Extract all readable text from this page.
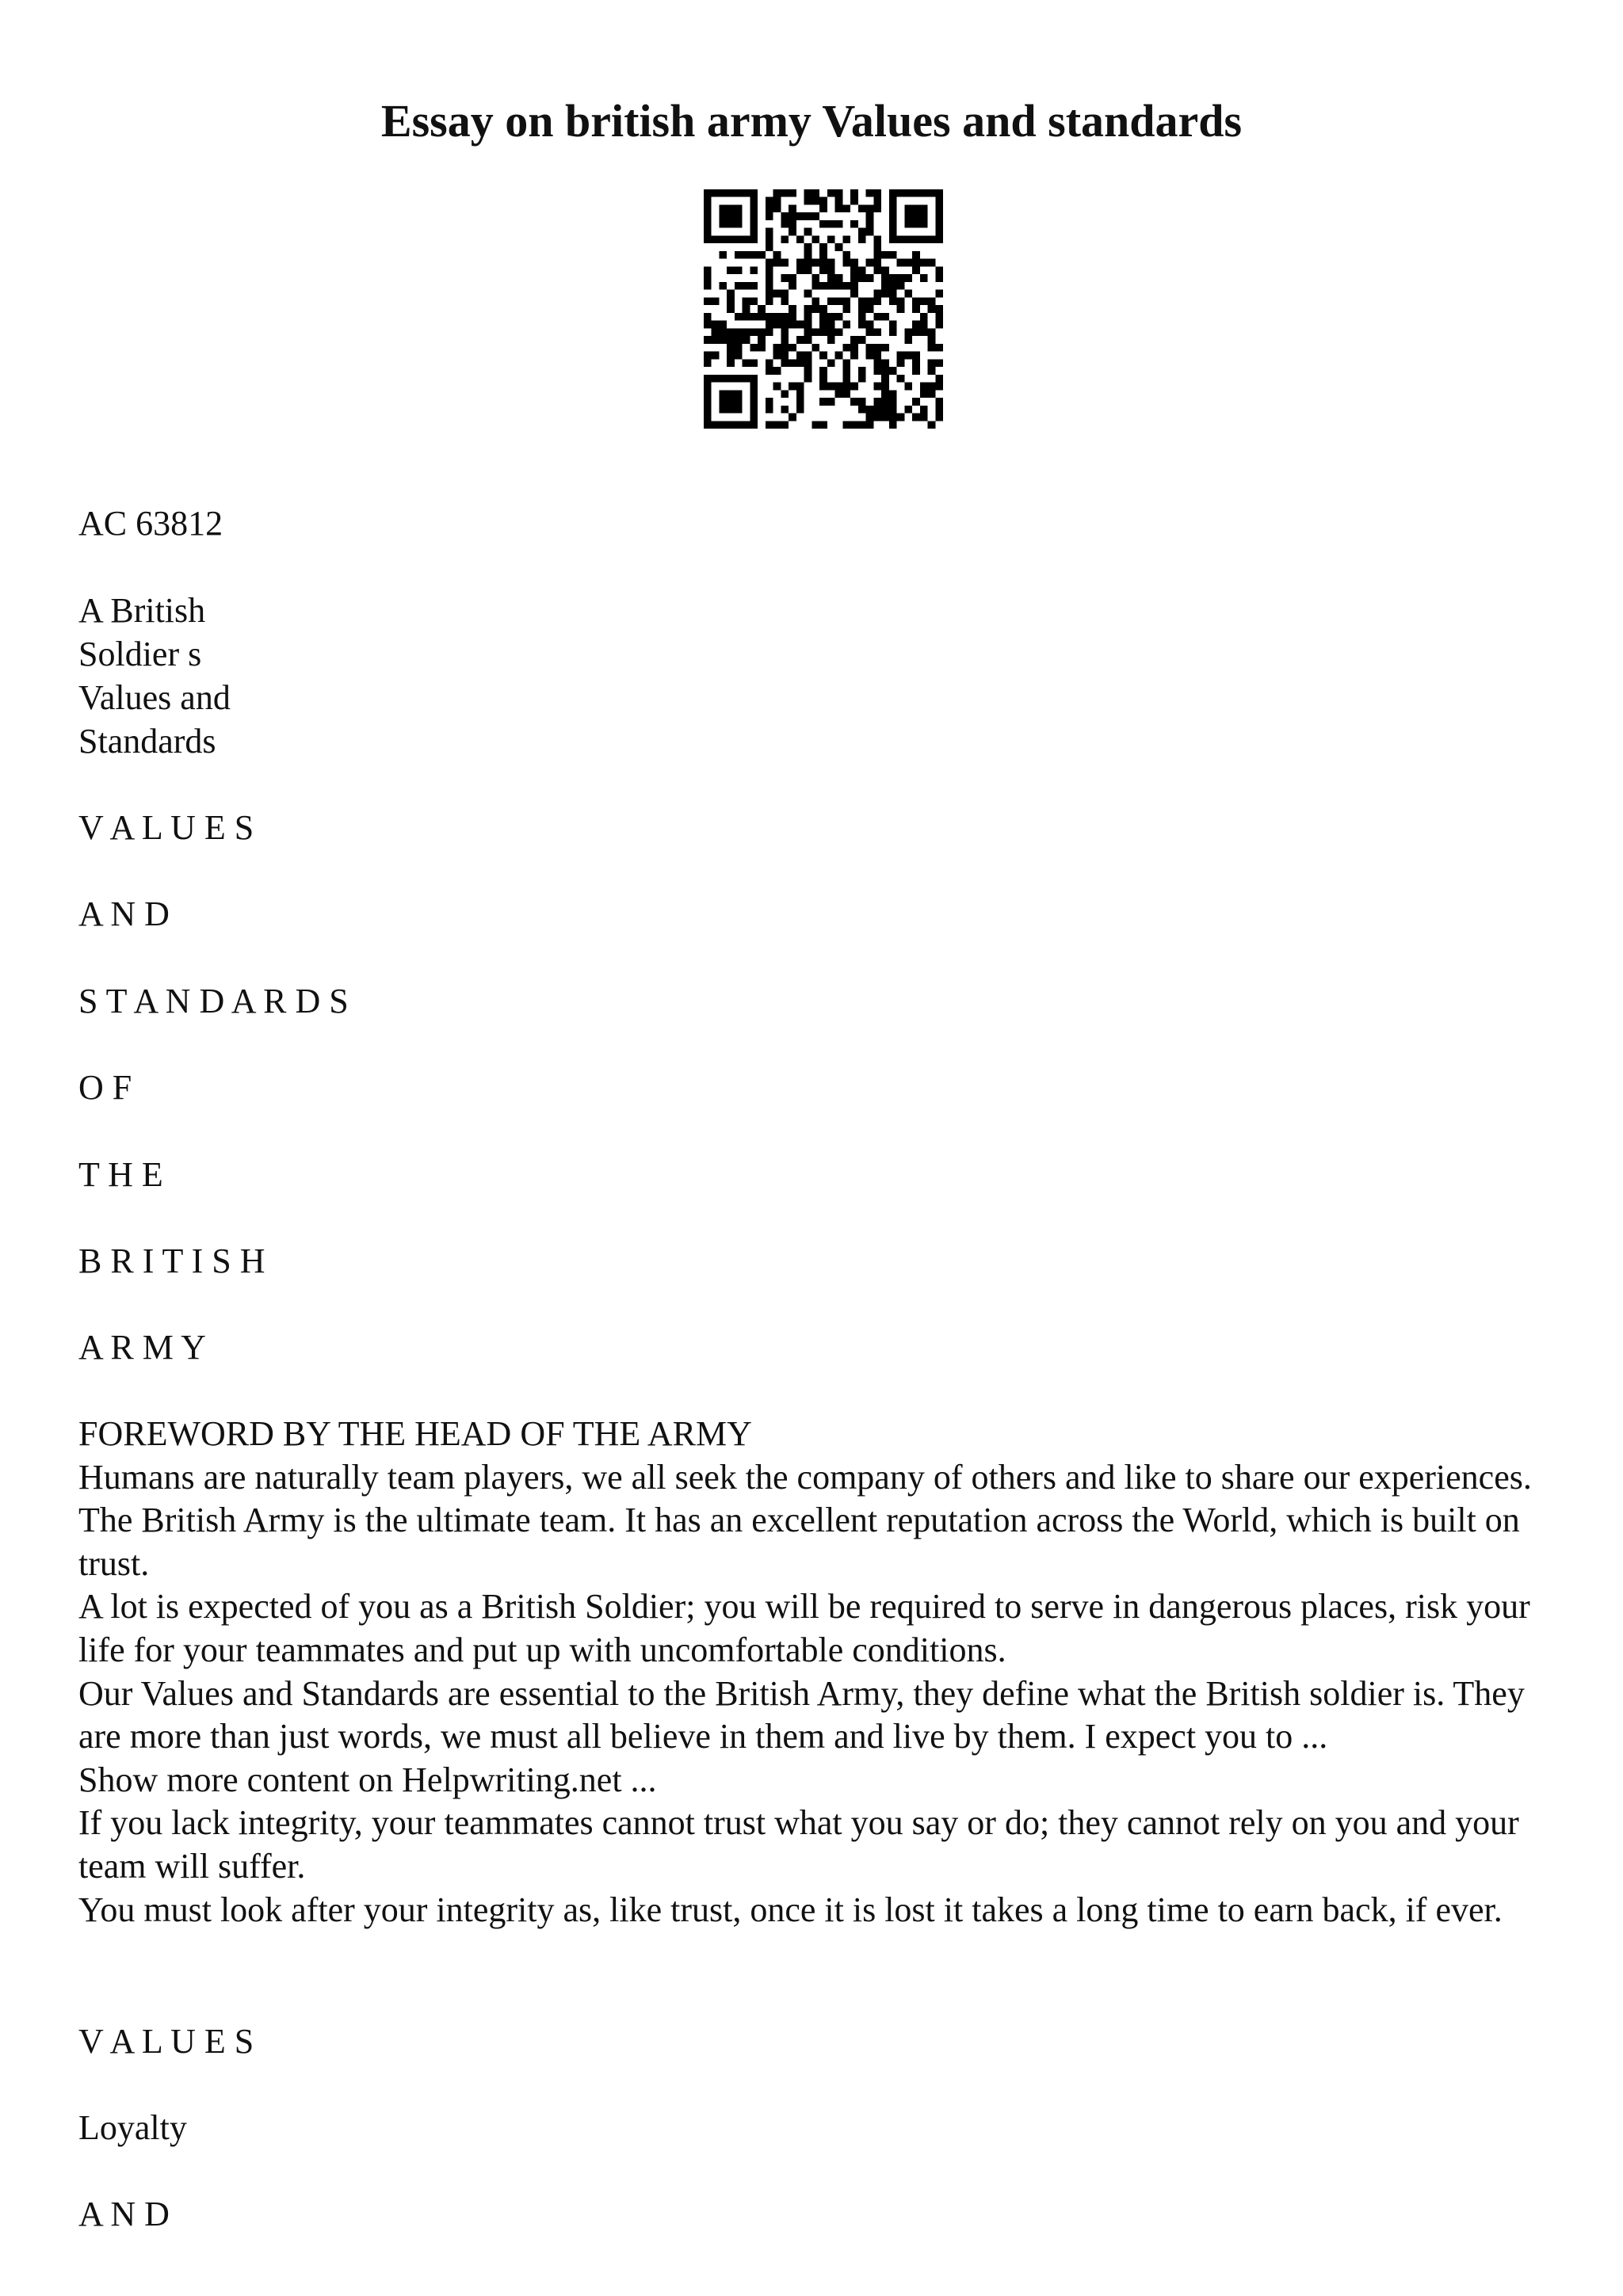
Essay on british army Values and standards
AC 63812
A British
Soldier s
Values and
Standards
V A L U E S
A N D
S T A N D A R D S
O F
T H E
B R I T I S H
A R M Y

FOREWORD BY THE HEAD OF THE ARMY

Humans are naturally team players, we all seek the company of others and like to share our experiences. The British Army is the ultimate team. It has an excellent reputation across the World, which is built on trust.

A lot is expected of you as a British Soldier; you will be required to serve in dangerous places, risk your life for your teammates and put up with uncomfortable conditions.

Our Values and Standards are essential to the British Army, they define what the British soldier is. They are more than just words, we must all believe in them and live by them. I expect you to ...

Show more content on Helpwriting.net ...

If you lack integrity, your teammates cannot trust what you say or do; they cannot rely on you and your team will suffer.

You must look after your integrity as, like trust, once it is lost it takes a long time to earn back, if ever.

V A L U E S
Loyalty
A N D
